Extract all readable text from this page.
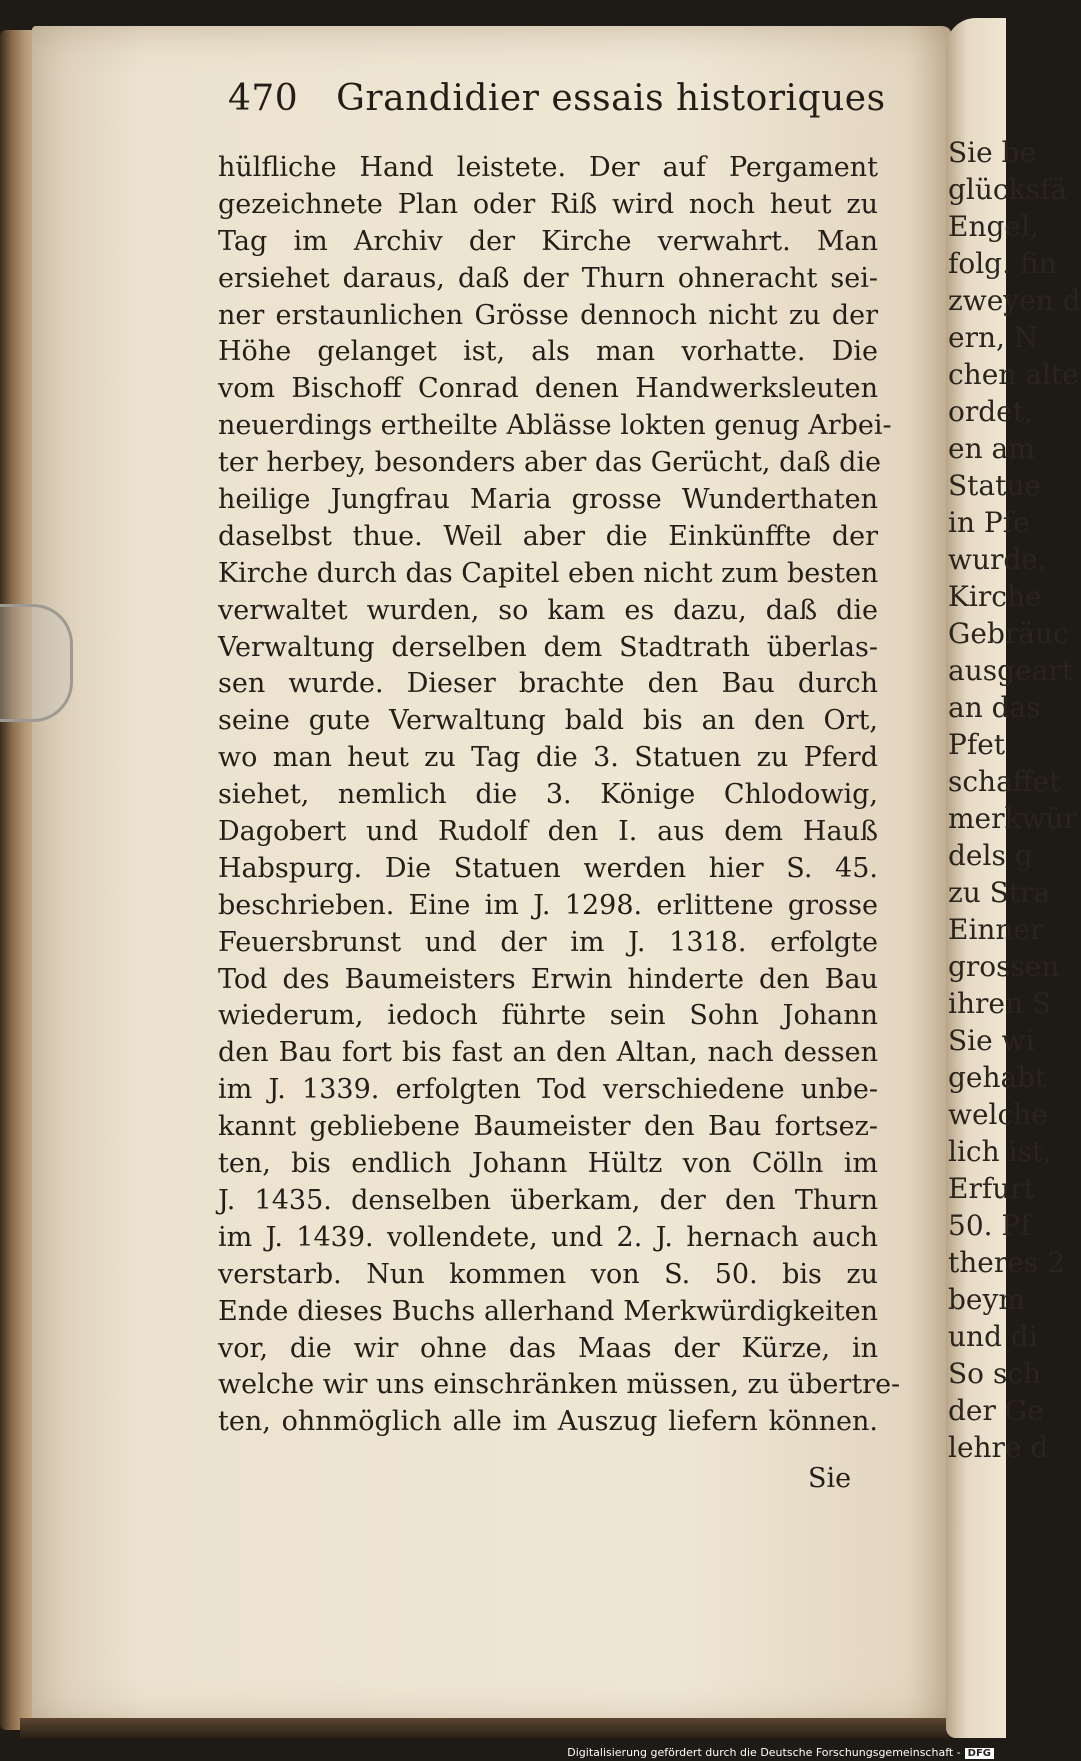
Sie be
glücksfä
Engel,
folg. fin
zweyen d
ern, N
chen alte
ordet,
en am
Statue
in Pfe
wurde,
Kirche
Gebräuc
ausgeart
an das
Pfet
schaffet
merkwür
dels g
zu Stra
Einner
grossen
ihren S
Sie wi
gehabt
welche
lich ist,
Erfurt
50. Pf
theres 2
beym
und di
So sch
der Ge
lehre d
470 Grandidier essais historiques
hülfliche Hand leistete. Der auf Pergament
gezeichnete Plan oder Riß wird noch heut zu
Tag im Archiv der Kirche verwahrt. Man
ersiehet daraus, daß der Thurn ohneracht sei-
ner erstaunlichen Grösse dennoch nicht zu der
Höhe gelanget ist, als man vorhatte. Die
vom Bischoff Conrad denen Handwerksleuten
neuerdings ertheilte Ablässe lokten genug Arbei-
ter herbey, besonders aber das Gerücht, daß die
heilige Jungfrau Maria grosse Wunderthaten
daselbst thue. Weil aber die Einkünffte der
Kirche durch das Capitel eben nicht zum besten
verwaltet wurden, so kam es dazu, daß die
Verwaltung derselben dem Stadtrath überlas-
sen wurde. Dieser brachte den Bau durch
seine gute Verwaltung bald bis an den Ort,
wo man heut zu Tag die 3. Statuen zu Pferd
siehet, nemlich die 3. Könige Chlodowig,
Dagobert und Rudolf den I. aus dem Hauß
Habspurg. Die Statuen werden hier S. 45.
beschrieben. Eine im J. 1298. erlittene grosse
Feuersbrunst und der im J. 1318. erfolgte
Tod des Baumeisters Erwin hinderte den Bau
wiederum, iedoch führte sein Sohn Johann
den Bau fort bis fast an den Altan, nach dessen
im J. 1339. erfolgten Tod verschiedene unbe-
kannt gebliebene Baumeister den Bau fortsez-
ten, bis endlich Johann Hültz von Cölln im
J. 1435. denselben überkam, der den Thurn
im J. 1439. vollendete, und 2. J. hernach auch
verstarb. Nun kommen von S. 50. bis zu
Ende dieses Buchs allerhand Merkwürdigkeiten
vor, die wir ohne das Maas der Kürze, in
welche wir uns einschränken müssen, zu übertre-
ten, ohnmöglich alle im Auszug liefern können.
Sie
Digitalisierung gefördert durch die Deutsche Forschungsgemeinschaft - DFG
